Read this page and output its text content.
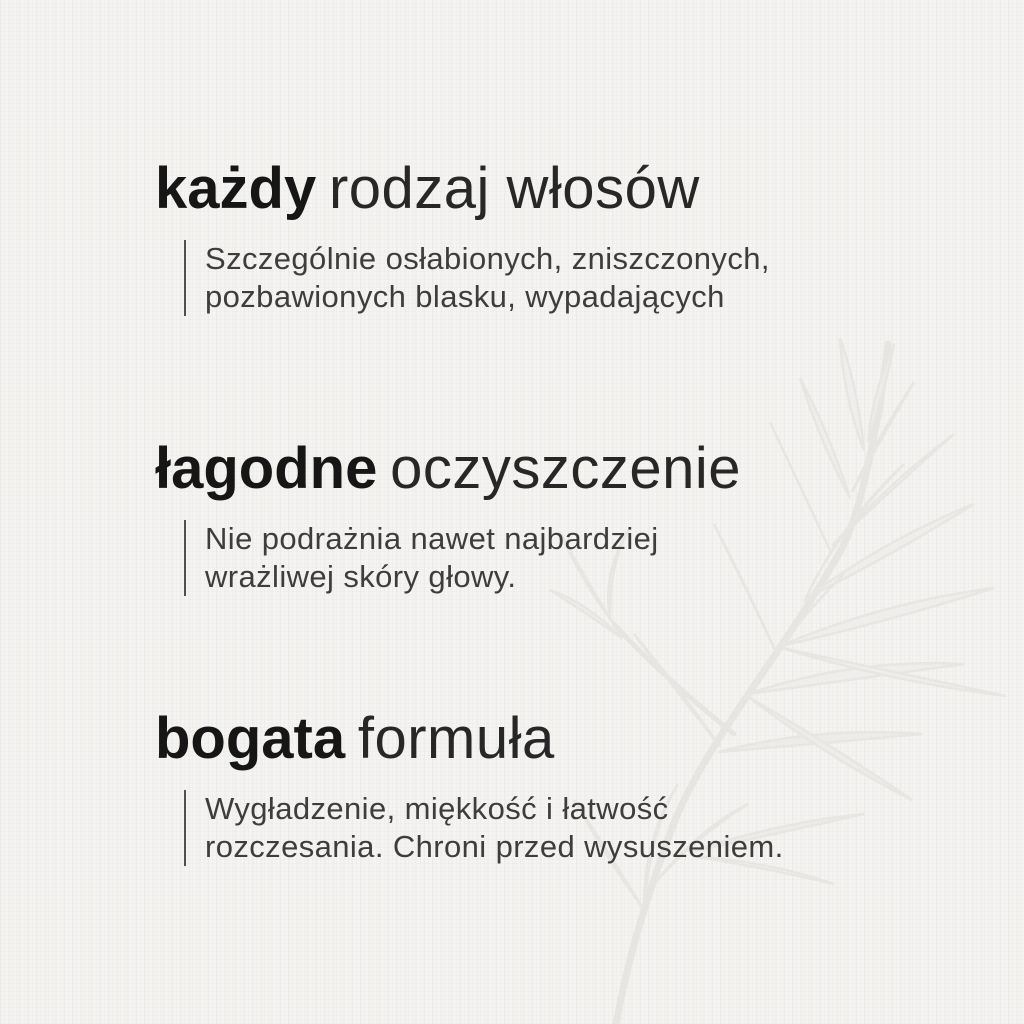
każdy rodzaj włosów
Szczególnie osłabionych, zniszczonych,
pozbawionych blasku, wypadających
łagodne oczyszczenie
Nie podrażnia nawet najbardziej
wrażliwej skóry głowy.
bogata formuła
Wygładzenie, miękkość i łatwość
rozczesania. Chroni przed wysuszeniem.
